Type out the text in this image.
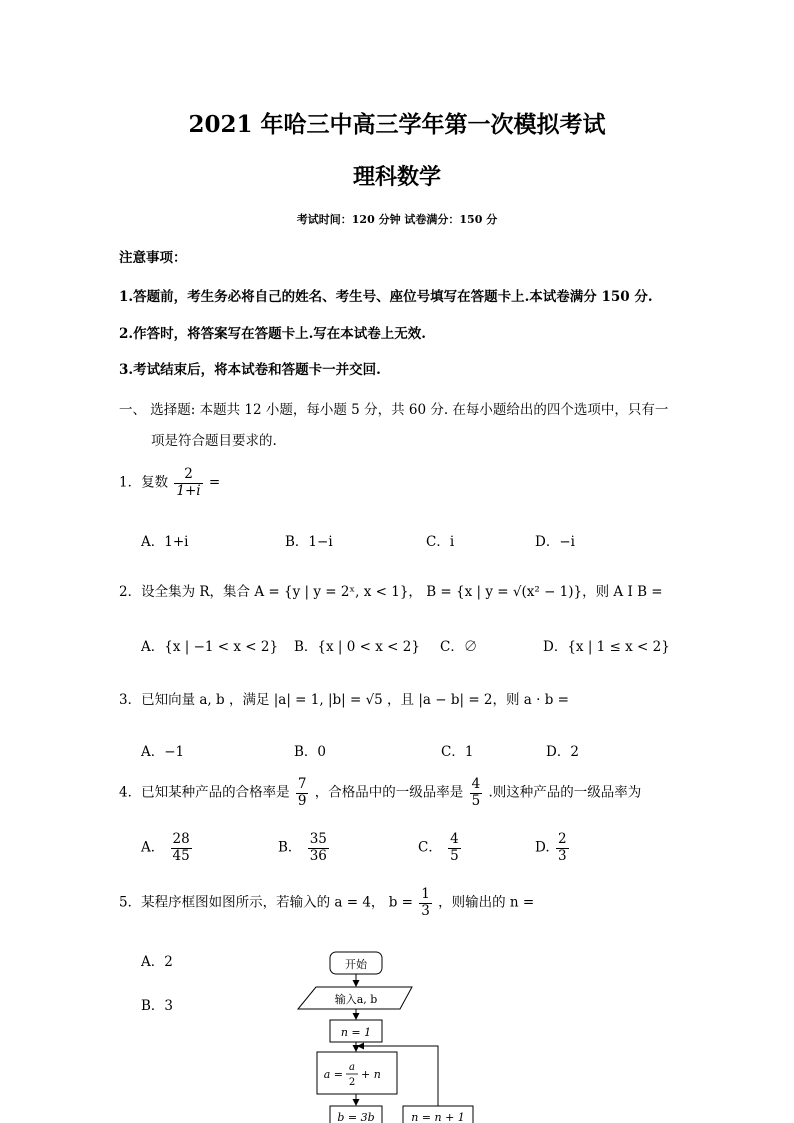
2021 年哈三中高三学年第一次模拟考试
理科数学
考试时间：120 分钟 试卷满分：150 分
注意事项：
1.答题前，考生务必将自己的姓名、考生号、座位号填写在答题卡上.本试卷满分 150 分.
2.作答时，将答案写在答题卡上.写在本试卷上无效.
3.考试结束后，将本试卷和答题卡一并交回.
一、 选择题: 本题共 12 小题，每小题 5 分，共 60 分. 在每小题给出的四个选项中，只有一
项是符合题目要求的.
1．复数 $\frac{2}{1+i}$ =
A．1+i	B．1−i	C．i	D．−i
2．设全集为 R，集合 A = {y | y = 2ˣ, x < 1}， B = {x | y = √(x² − 1)}，则 A I B =
A．{x | −1 < x < 2} B．{x | 0 < x < 2} C．∅	D．{x | 1 ≤ x < 2}
3．已知向量 a, b ，满足 |a| = 1, |b| = √5 ，且 |a − b| = 2，则 a · b =
A．−1	B．0	C．1	D．2
4．已知某种产品的合格率是 $\frac{7}{9}$ ，合格品中的一级品率是 $\frac{4}{5}$ .则这种产品的一级品率为
A． $\frac{28}{45}$	B． $\frac{35}{36}$	C． $\frac{4}{5}$	D. $\frac{2}{3}$
5．某程序框图如图所示，若输入的 a = 4， $b = \frac{1}{3}$ ，则输出的 n =
A．2
B．3
开始
输入a, b
n = 1
a =
a
2
+ n
b = 3b	n = n + 1
